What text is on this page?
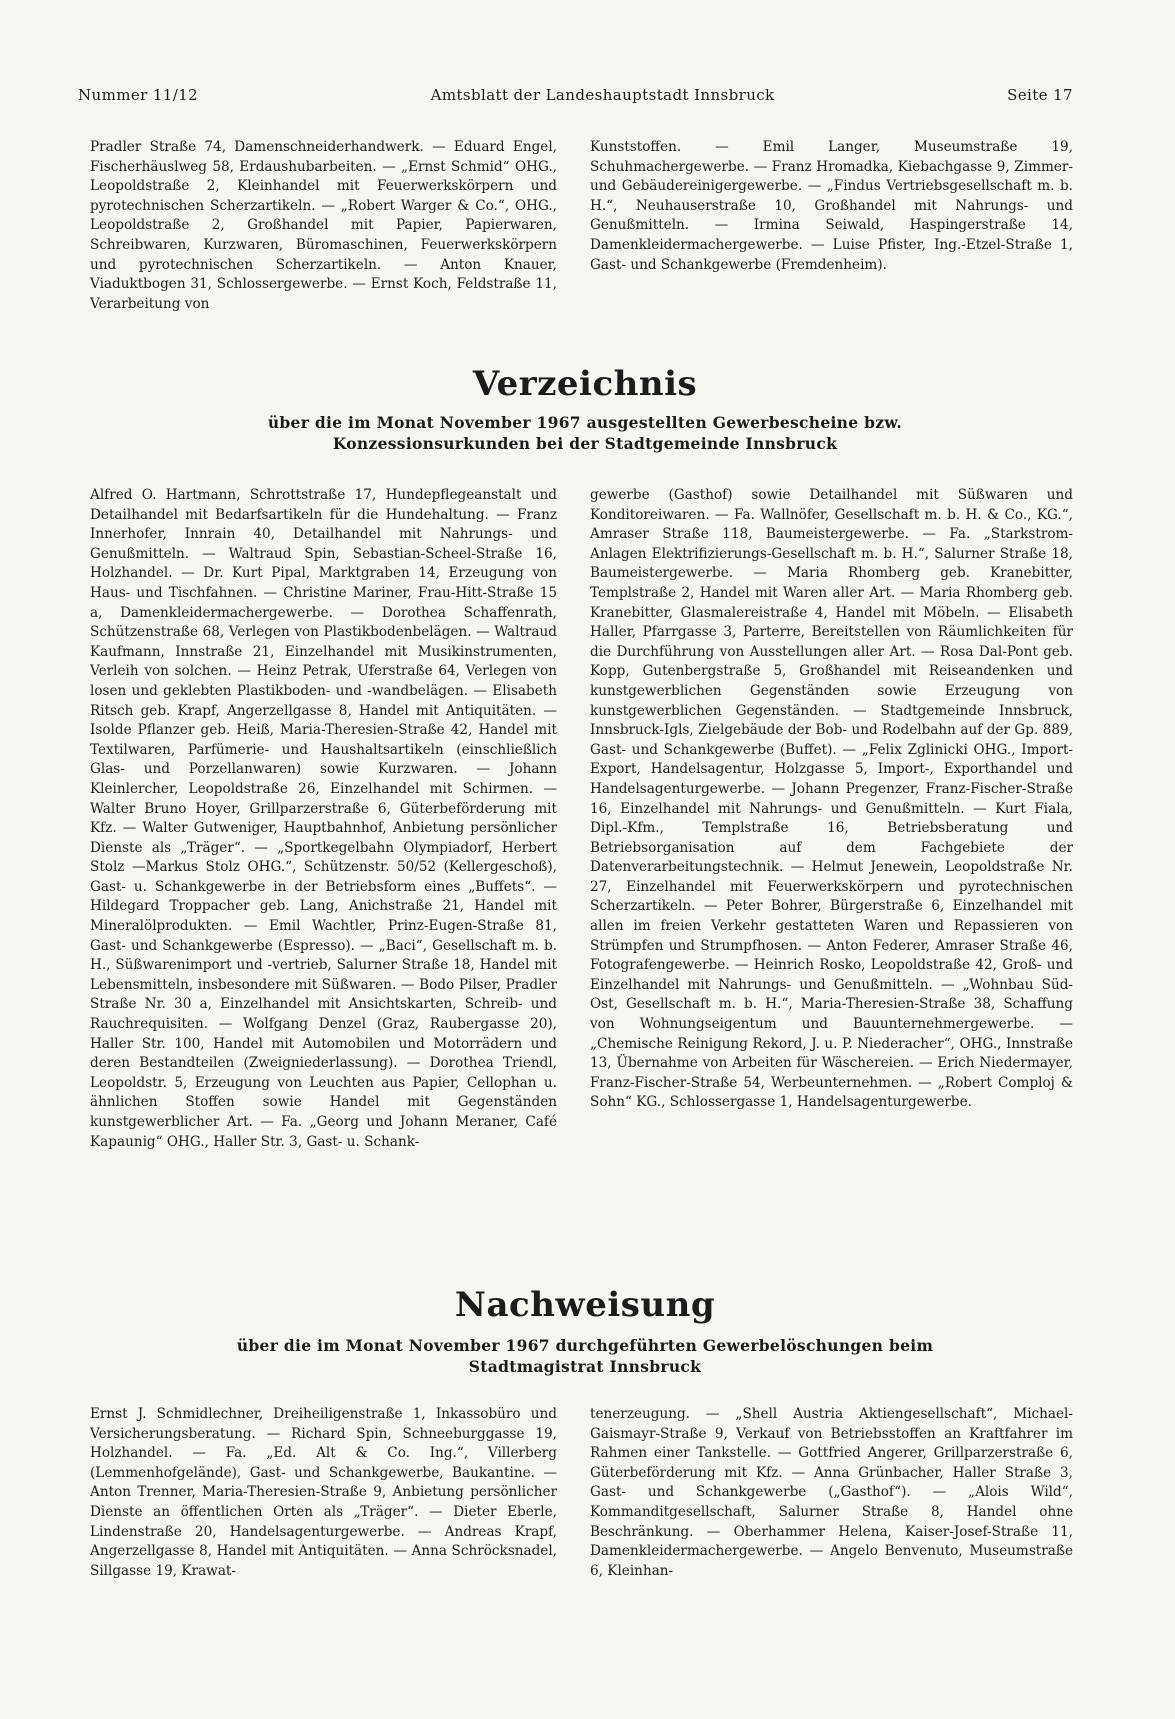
Nummer 11/12	Amtsblatt der Landeshauptstadt Innsbruck	Seite 17

Pradler Straße 74, Damenschneiderhandwerk. — Eduard Engel, Fischerhäuslweg 58, Erdaushubarbeiten. — „Ernst Schmid“ OHG., Leopoldstraße 2, Kleinhandel mit Feuerwerkskörpern und pyrotechnischen Scherzartikeln. — „Robert Warger & Co.“, OHG., Leopoldstraße 2, Großhandel mit Papier, Papierwaren, Schreibwaren, Kurzwaren, Büromaschinen, Feuerwerkskörpern und pyrotechnischen Scherzartikeln. — Anton Knauer, Viaduktbogen 31, Schlossergewerbe. — Ernst Koch, Feldstraße 11, Verarbeitung von

Kunststoffen. — Emil Langer, Museumstraße 19, Schuhmachergewerbe. — Franz Hromadka, Kiebachgasse 9, Zimmer- und Gebäudereinigergewerbe. — „Findus Vertriebsgesellschaft m. b. H.“, Neuhauserstraße 10, Großhandel mit Nahrungs- und Genußmitteln. — Irmina Seiwald, Haspingerstraße 14, Damenkleidermachergewerbe. — Luise Pfister, Ing.-Etzel-Straße 1, Gast- und Schankgewerbe (Fremdenheim).

Verzeichnis
über die im Monat November 1967 ausgestellten Gewerbescheine bzw.
Konzessionsurkunden bei der Stadtgemeinde Innsbruck

Alfred O. Hartmann, Schrottstraße 17, Hundepflegeanstalt und Detailhandel mit Bedarfsartikeln für die Hundehaltung. — Franz Innerhofer, Innrain 40, Detailhandel mit Nahrungs- und Genußmitteln. — Waltraud Spin, Sebastian-Scheel-Straße 16, Holzhandel. — Dr. Kurt Pipal, Marktgraben 14, Erzeugung von Haus- und Tischfahnen. — Christine Mariner, Frau-Hitt-Straße 15 a, Damenkleidermachergewerbe. — Dorothea Schaffenrath, Schützenstraße 68, Verlegen von Plastikbodenbelägen. — Waltraud Kaufmann, Innstraße 21, Einzelhandel mit Musikinstrumenten, Verleih von solchen. — Heinz Petrak, Uferstraße 64, Verlegen von losen und geklebten Plastikboden- und -wandbelägen. — Elisabeth Ritsch geb. Krapf, Angerzellgasse 8, Handel mit Antiquitäten. — Isolde Pflanzer geb. Heiß, Maria-Theresien-Straße 42, Handel mit Textilwaren, Parfümerie- und Haushaltsartikeln (einschließlich Glas- und Porzellanwaren) sowie Kurzwaren. — Johann Kleinlercher, Leopoldstraße 26, Einzelhandel mit Schirmen. — Walter Bruno Hoyer, Grillparzerstraße 6, Güterbeförderung mit Kfz. — Walter Gutweniger, Hauptbahnhof, Anbietung persönlicher Dienste als „Träger“. — „Sportkegelbahn Olympiadorf, Herbert Stolz —Markus Stolz OHG.“, Schützenstr. 50/52 (Kellergeschoß), Gast- u. Schankgewerbe in der Betriebsform eines „Buffets“. — Hildegard Troppacher geb. Lang, Anichstraße 21, Handel mit Mineralölprodukten. — Emil Wachtler, Prinz-Eugen-Straße 81, Gast- und Schankgewerbe (Espresso). — „Baci“, Gesellschaft m. b. H., Süßwarenimport und -vertrieb, Salurner Straße 18, Handel mit Lebensmitteln, insbesondere mit Süßwaren. — Bodo Pilser, Pradler Straße Nr. 30 a, Einzelhandel mit Ansichtskarten, Schreib- und Rauchrequisiten. — Wolfgang Denzel (Graz, Raubergasse 20), Haller Str. 100, Handel mit Automobilen und Motorrädern und deren Bestandteilen (Zweigniederlassung). — Dorothea Triendl, Leopoldstr. 5, Erzeugung von Leuchten aus Papier, Cellophan u. ähnlichen Stoffen sowie Handel mit Gegenständen kunstgewerblicher Art. — Fa. „Georg und Johann Meraner, Café Kapaunig“ OHG., Haller Str. 3, Gast- u. Schank-

gewerbe (Gasthof) sowie Detailhandel mit Süßwaren und Konditoreiwaren. — Fa. Wallnöfer, Gesellschaft m. b. H. & Co., KG.“, Amraser Straße 118, Baumeistergewerbe. — Fa. „Starkstrom-Anlagen Elektrifizierungs-Gesellschaft m. b. H.“, Salurner Straße 18, Baumeistergewerbe. — Maria Rhomberg geb. Kranebitter, Templstraße 2, Handel mit Waren aller Art. — Maria Rhomberg geb. Kranebitter, Glasmalereistraße 4, Handel mit Möbeln. — Elisabeth Haller, Pfarrgasse 3, Parterre, Bereitstellen von Räumlichkeiten für die Durchführung von Ausstellungen aller Art. — Rosa Dal-Pont geb. Kopp, Gutenbergstraße 5, Großhandel mit Reiseandenken und kunstgewerblichen Gegenständen sowie Erzeugung von kunstgewerblichen Gegenständen. — Stadtgemeinde Innsbruck, Innsbruck-Igls, Zielgebäude der Bob- und Rodelbahn auf der Gp. 889, Gast- und Schankgewerbe (Buffet). — „Felix Zglinicki OHG., Import-Export, Handelsagentur, Holzgasse 5, Import-, Exporthandel und Handelsagenturgewerbe. — Johann Pregenzer, Franz-Fischer-Straße 16, Einzelhandel mit Nahrungs- und Genußmitteln. — Kurt Fiala, Dipl.-Kfm., Templstraße 16, Betriebsberatung und Betriebsorganisation auf dem Fachgebiete der Datenverarbeitungstechnik. — Helmut Jenewein, Leopoldstraße Nr. 27, Einzelhandel mit Feuerwerkskörpern und pyrotechnischen Scherzartikeln. — Peter Bohrer, Bürgerstraße 6, Einzelhandel mit allen im freien Verkehr gestatteten Waren und Repassieren von Strümpfen und Strumpfhosen. — Anton Federer, Amraser Straße 46, Fotografengewerbe. — Heinrich Rosko, Leopoldstraße 42, Groß- und Einzelhandel mit Nahrungs- und Genußmitteln. — „Wohnbau Süd-Ost, Gesellschaft m. b. H.“, Maria-Theresien-Straße 38, Schaffung von Wohnungseigentum und Bauunternehmergewerbe. — „Chemische Reinigung Rekord, J. u. P. Niederacher“, OHG., Innstraße 13, Übernahme von Arbeiten für Wäschereien. — Erich Niedermayer, Franz-Fischer-Straße 54, Werbeunternehmen. — „Robert Comploj & Sohn“ KG., Schlossergasse 1, Handelsagenturgewerbe.

Nachweisung
über die im Monat November 1967 durchgeführten Gewerbelöschungen beim
Stadtmagistrat Innsbruck

Ernst J. Schmidlechner, Dreiheiligenstraße 1, Inkassobüro und Versicherungsberatung. — Richard Spin, Schneeburggasse 19, Holzhandel. — Fa. „Ed. Alt & Co. Ing.“, Villerberg (Lemmenhofgelände), Gast- und Schankgewerbe, Baukantine. — Anton Trenner, Maria-Theresien-Straße 9, Anbietung persönlicher Dienste an öffentlichen Orten als „Träger“. — Dieter Eberle, Lindenstraße 20, Handelsagenturgewerbe. — Andreas Krapf, Angerzellgasse 8, Handel mit Antiquitäten. — Anna Schröcksnadel, Sillgasse 19, Krawat-

tenerzeugung. — „Shell Austria Aktiengesellschaft“, Michael-Gaismayr-Straße 9, Verkauf von Betriebsstoffen an Kraftfahrer im Rahmen einer Tankstelle. — Gottfried Angerer, Grillparzerstraße 6, Güterbeförderung mit Kfz. — Anna Grünbacher, Haller Straße 3, Gast- und Schankgewerbe („Gasthof“). — „Alois Wild“, Kommanditgesellschaft, Salurner Straße 8, Handel ohne Beschränkung. — Oberhammer Helena, Kaiser-Josef-Straße 11, Damenkleidermachergewerbe. — Angelo Benvenuto, Museumstraße 6, Kleinhan-
